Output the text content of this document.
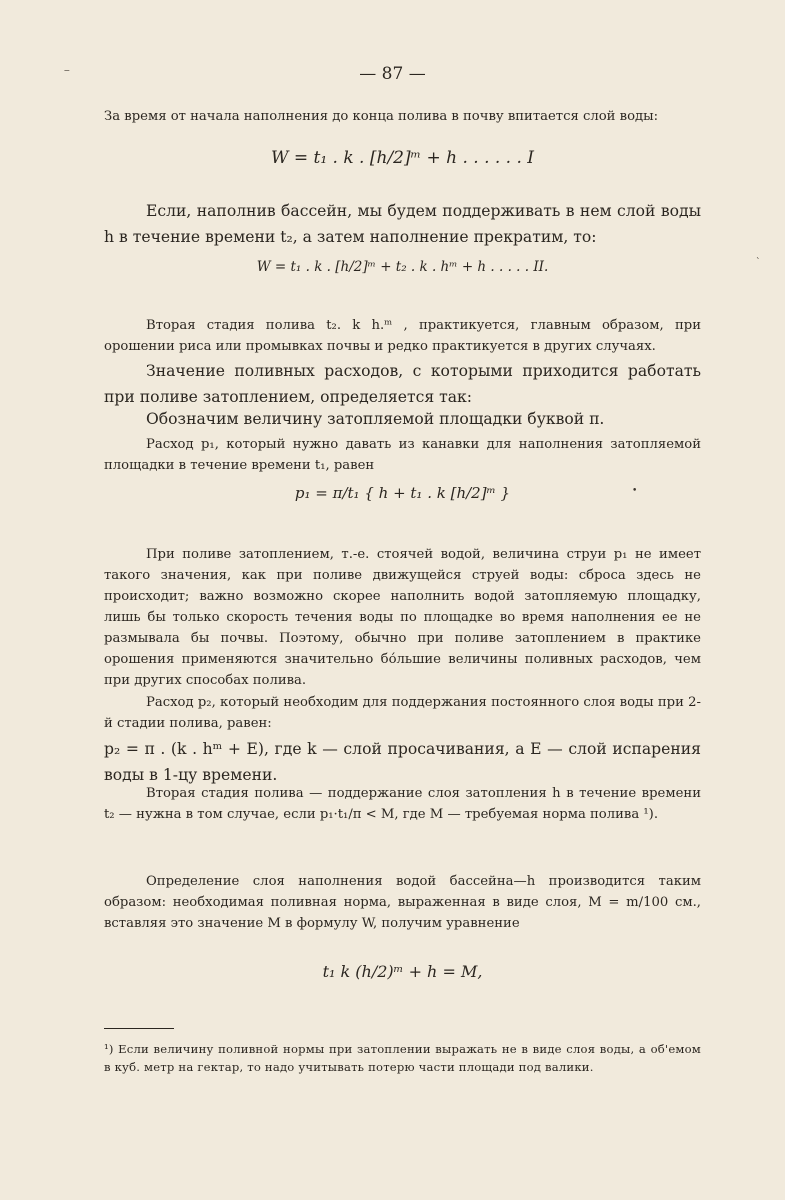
— 87 —

За время от начала наполнения до конца полива в почву впитается слой воды:

W = t₁ . k . [h/2]ᵐ + h . . . . . . I

Если, наполнив бассейн, мы будем поддерживать в нем слой воды h в течение времени t₂, а затем наполнение прекратим, то:

W = t₁ . k . [h/2]ᵐ + t₂ . k . hᵐ + h . . . . . II.

Вторая стадия полива t₂. k h.ᵐ , практикуется, главным образом, при орошении риса или промывках почвы и редко практикуется в других случаях.

Значение поливных расходов, с которыми приходится работать при поливе затоплением, определяется так:

Обозначим величину затопляемой площадки буквой π.

Расход p₁, который нужно давать из канавки для наполнения затопляемой площадки в течение времени t₁, равен

p₁ = π/t₁ { h + t₁ . k [h/2]ᵐ }

При поливе затоплением, т.-е. стоячей водой, величина струи p₁ не имеет такого значения, как при поливе движущейся струей воды: сброса здесь не происходит; важно возможно скорее наполнить водой затопляемую площадку, лишь бы только скорость течения воды по площадке во время наполнения ее не размывала бы почвы. Поэтому, обычно при поливе затоплением в практике орошения применяются значительно бо́льшие величины поливных расходов, чем при других способах полива.

Расход p₂, который необходим для поддержания постоянного слоя воды при 2-й стадии полива, равен:

p₂ = π . (k . hᵐ + E), где k — слой просачивания, а E — слой испарения воды в 1-цу времени.

Вторая стадия полива — поддержание слоя затопления h в течение времени t₂ — нужна в том случае, если p₁·t₁/π < M, где M — требуемая норма полива ¹).

Определение слоя наполнения водой бассейна—h производится таким образом: необходимая поливная норма, выраженная в виде слоя, M = m/100 см., вставляя это значение M в формулу W, получим уравнение

t₁ k (h/2)ᵐ + h = M,

¹) Если величину поливной нормы при затоплении выражать не в виде слоя воды, а об'емом в куб. метр на гектар, то надо учитывать потерю части площади под валики.

‒
ˋ
•
